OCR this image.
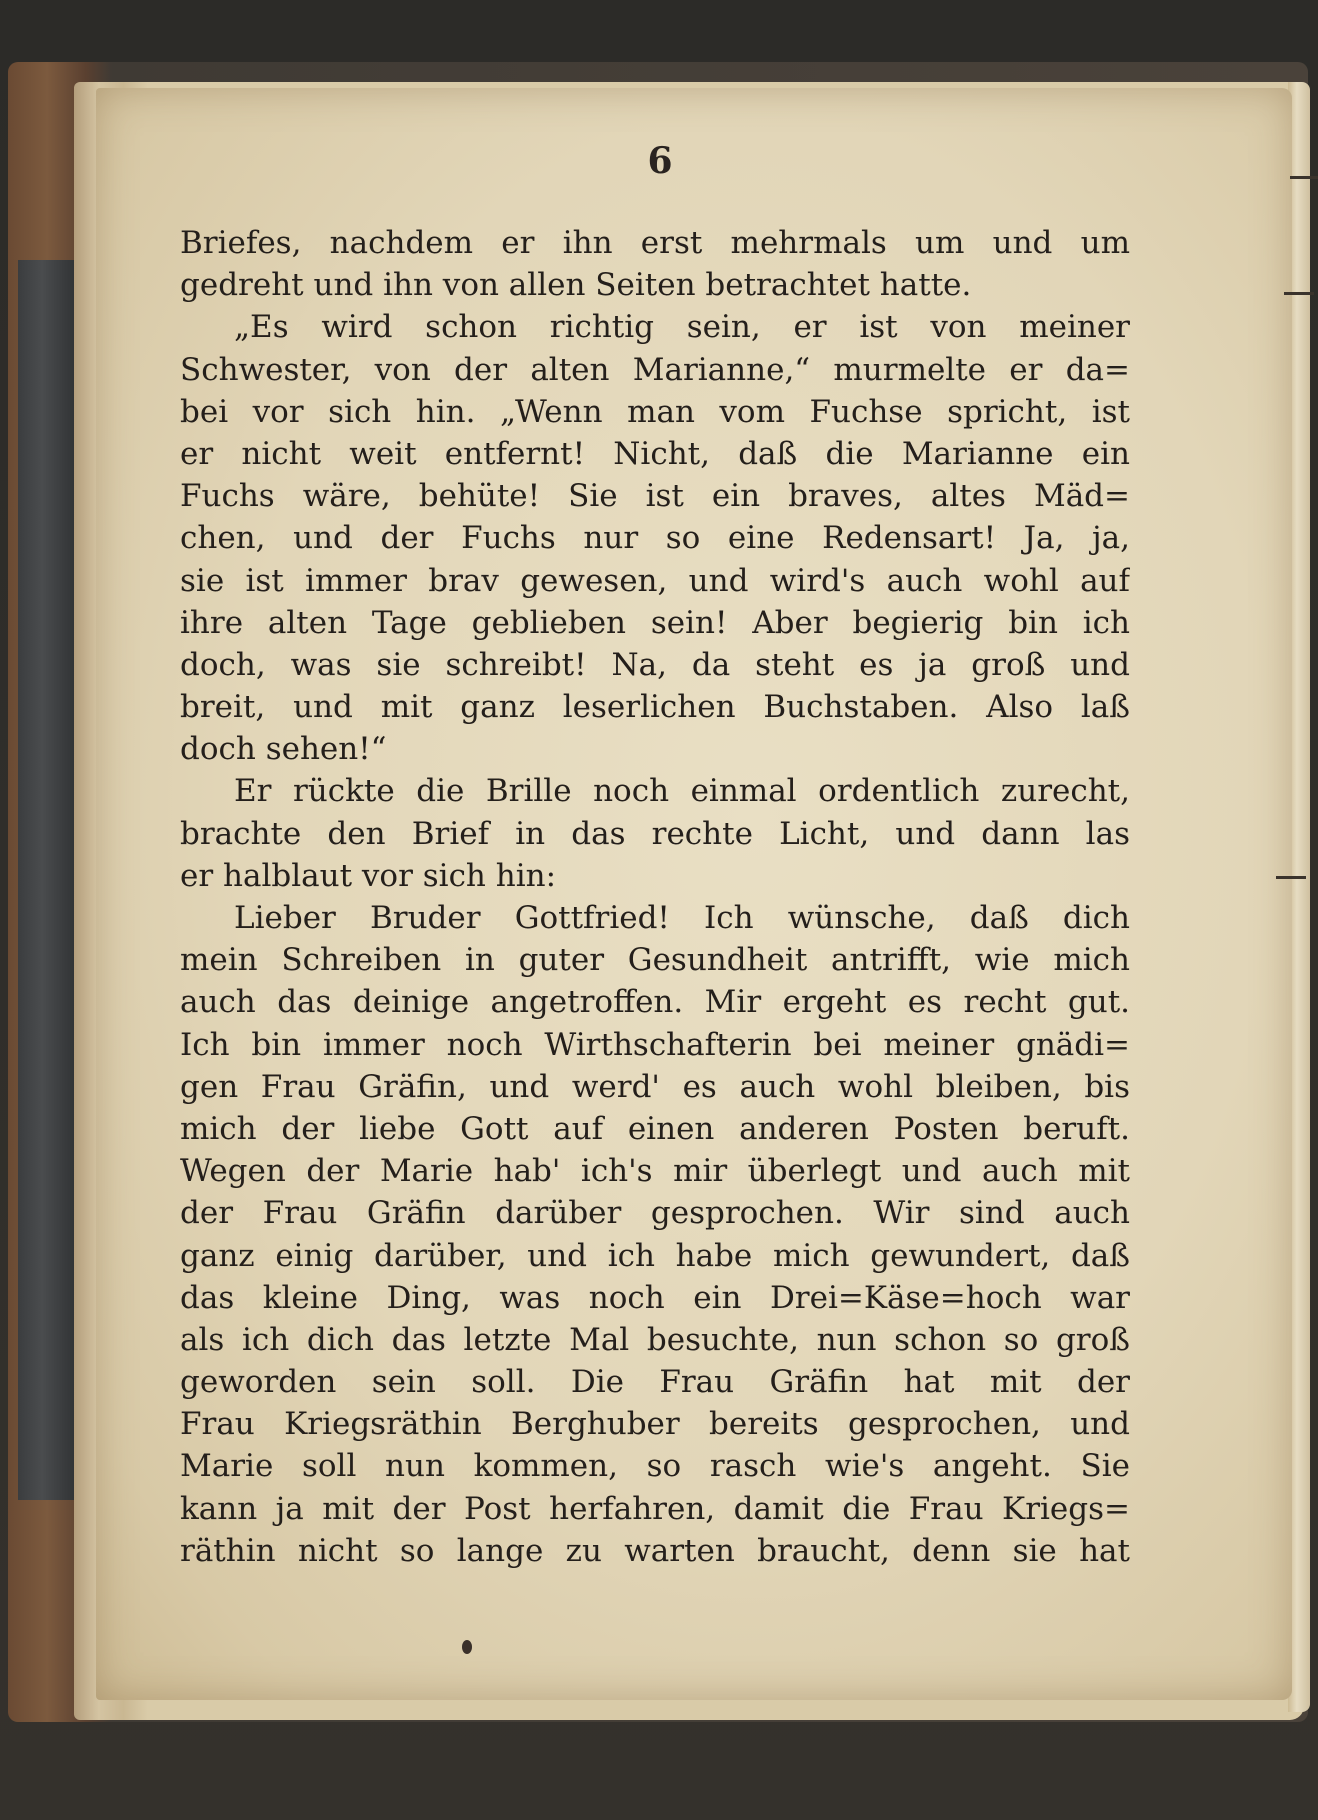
6
Briefes, nachdem er ihn erst mehrmals um und um
gedreht und ihn von allen Seiten betrachtet hatte.
„Es wird schon richtig sein, er ist von meiner
Schwester, von der alten Marianne,“ murmelte er da=
bei vor sich hin. „Wenn man vom Fuchse spricht, ist
er nicht weit entfernt! Nicht, daß die Marianne ein
Fuchs wäre, behüte! Sie ist ein braves, altes Mäd=
chen, und der Fuchs nur so eine Redensart! Ja, ja,
sie ist immer brav gewesen, und wird's auch wohl auf
ihre alten Tage geblieben sein! Aber begierig bin ich
doch, was sie schreibt! Na, da steht es ja groß und
breit, und mit ganz leserlichen Buchstaben. Also laß
doch sehen!“
Er rückte die Brille noch einmal ordentlich zurecht,
brachte den Brief in das rechte Licht, und dann las
er halblaut vor sich hin:
Lieber Bruder Gottfried! Ich wünsche, daß dich
mein Schreiben in guter Gesundheit antrifft, wie mich
auch das deinige angetroffen. Mir ergeht es recht gut.
Ich bin immer noch Wirthschafterin bei meiner gnädi=
gen Frau Gräfin, und werd' es auch wohl bleiben, bis
mich der liebe Gott auf einen anderen Posten beruft.
Wegen der Marie hab' ich's mir überlegt und auch mit
der Frau Gräfin darüber gesprochen. Wir sind auch
ganz einig darüber, und ich habe mich gewundert, daß
das kleine Ding, was noch ein Drei=Käse=hoch war
als ich dich das letzte Mal besuchte, nun schon so groß
geworden sein soll. Die Frau Gräfin hat mit der
Frau Kriegsräthin Berghuber bereits gesprochen, und
Marie soll nun kommen, so rasch wie's angeht. Sie
kann ja mit der Post herfahren, damit die Frau Kriegs=
räthin nicht so lange zu warten braucht, denn sie hat
